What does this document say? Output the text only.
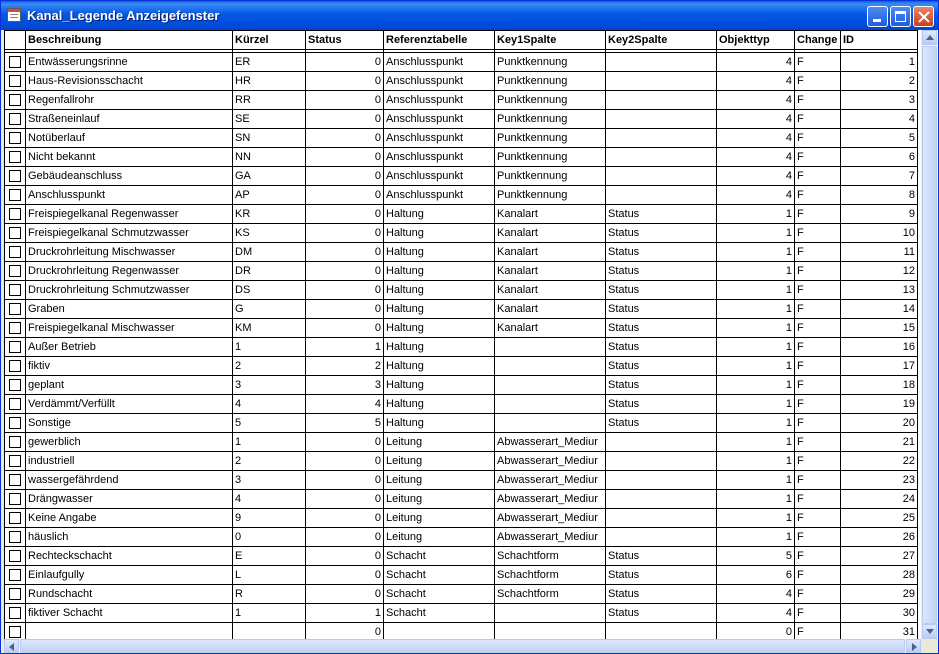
Kanal_Legende Anzeigefenster
	Beschreibung	Kürzel	Status	Referenztabelle	Key1Spalte	Key2Spalte	Objekttyp	Change	ID

	Entwässerungsrinne	ER	0	Anschlusspunkt	Punktkennung		4	F	1

	Haus-Revisionsschacht	HR	0	Anschlusspunkt	Punktkennung		4	F	2

	Regenfallrohr	RR	0	Anschlusspunkt	Punktkennung		4	F	3

	Straßeneinlauf	SE	0	Anschlusspunkt	Punktkennung		4	F	4

	Notüberlauf	SN	0	Anschlusspunkt	Punktkennung		4	F	5

	Nicht bekannt	NN	0	Anschlusspunkt	Punktkennung		4	F	6

	Gebäudeanschluss	GA	0	Anschlusspunkt	Punktkennung		4	F	7

	Anschlusspunkt	AP	0	Anschlusspunkt	Punktkennung		4	F	8

	Freispiegelkanal Regenwasser	KR	0	Haltung	Kanalart	Status	1	F	9

	Freispiegelkanal Schmutzwasser	KS	0	Haltung	Kanalart	Status	1	F	10

	Druckrohrleitung Mischwasser	DM	0	Haltung	Kanalart	Status	1	F	11

	Druckrohrleitung Regenwasser	DR	0	Haltung	Kanalart	Status	1	F	12

	Druckrohrleitung Schmutzwasser	DS	0	Haltung	Kanalart	Status	1	F	13

	Graben	G	0	Haltung	Kanalart	Status	1	F	14

	Freispiegelkanal Mischwasser	KM	0	Haltung	Kanalart	Status	1	F	15

	Außer Betrieb	1	1	Haltung		Status	1	F	16

	fiktiv	2	2	Haltung		Status	1	F	17

	geplant	3	3	Haltung		Status	1	F	18

	Verdämmt/Verfüllt	4	4	Haltung		Status	1	F	19

	Sonstige	5	5	Haltung		Status	1	F	20

	gewerblich	1	0	Leitung	Abwasserart_Mediur		1	F	21

	industriell	2	0	Leitung	Abwasserart_Mediur		1	F	22

	wassergefährdend	3	0	Leitung	Abwasserart_Mediur		1	F	23

	Drängwasser	4	0	Leitung	Abwasserart_Mediur		1	F	24

	Keine Angabe	9	0	Leitung	Abwasserart_Mediur		1	F	25

	häuslich	0	0	Leitung	Abwasserart_Mediur		1	F	26

	Rechteckschacht	E	0	Schacht	Schachtform	Status	5	F	27

	Einlaufgully	L	0	Schacht	Schachtform	Status	6	F	28

	Rundschacht	R	0	Schacht	Schachtform	Status	4	F	29

	fiktiver Schacht	1	1	Schacht		Status	4	F	30

			0				0	F	31
